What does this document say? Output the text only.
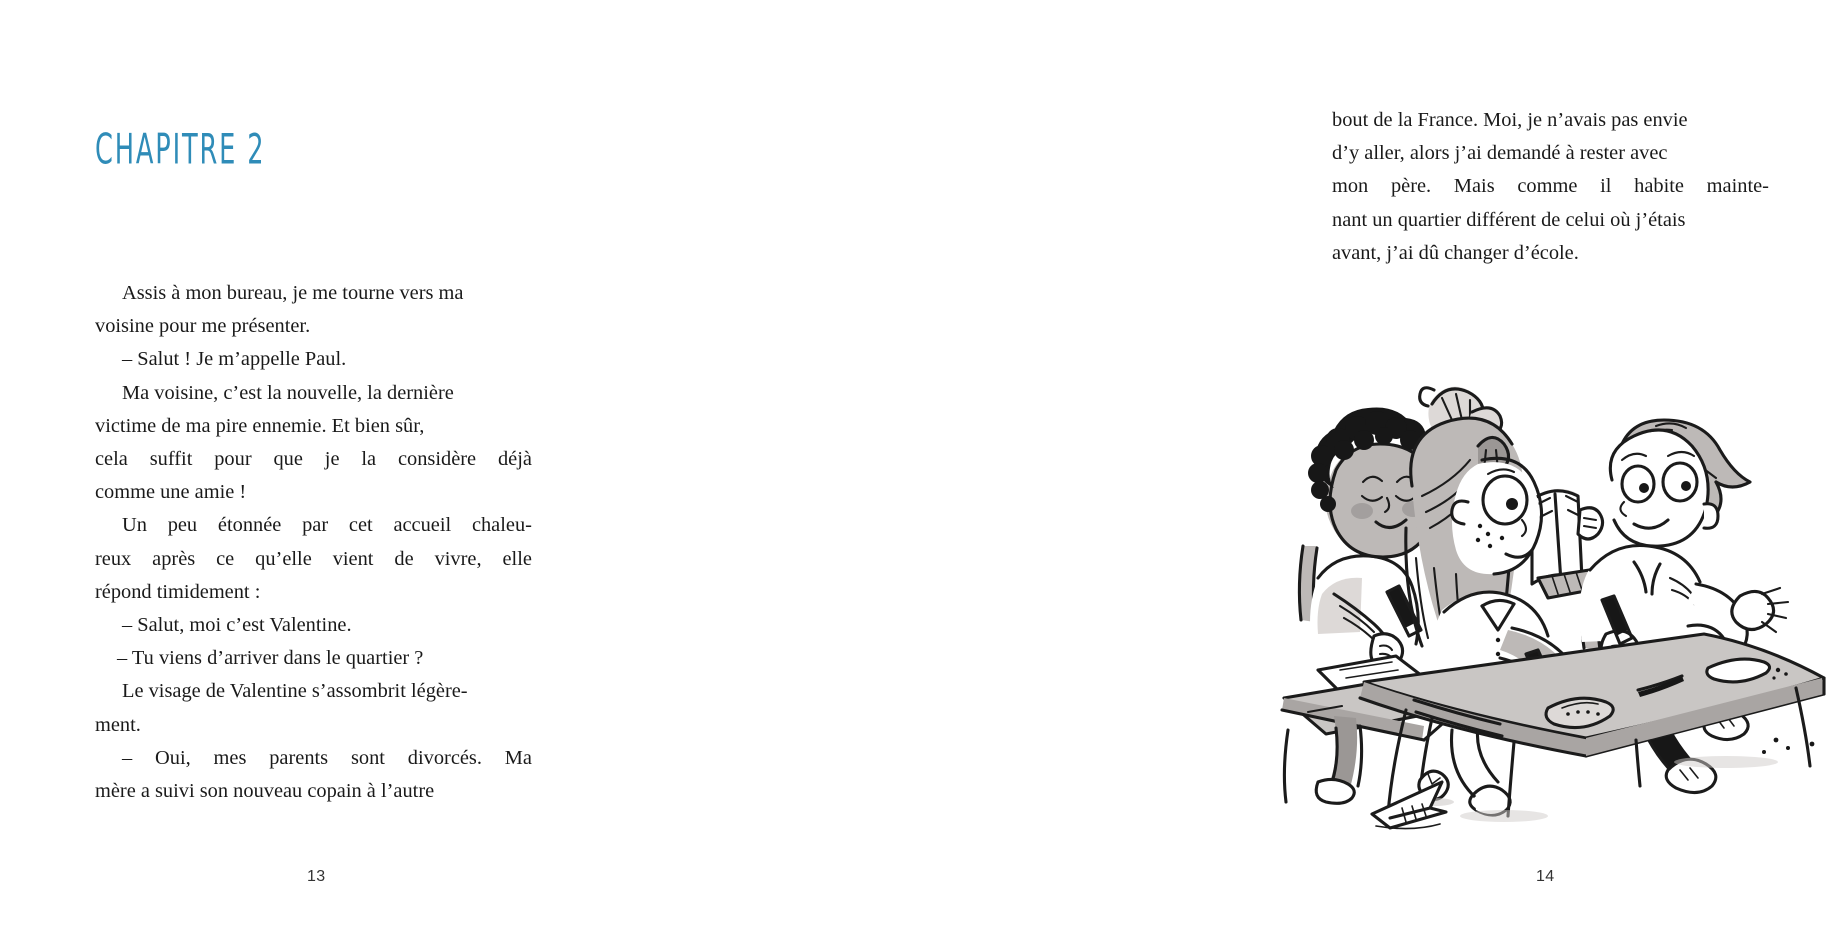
CHAPITRE 2

Assis à mon bureau, je me tourne vers ma
voisine pour me présenter.

– Salut ! Je m’appelle Paul.

Ma voisine, c’est la nouvelle, la dernière
victime de ma pire ennemie. Et bien sûr,
cela suffit pour que je la considère déjà
comme une amie !

Un peu étonnée par cet accueil chaleu-
reux après ce qu’elle vient de vivre, elle
répond timidement :

– Salut, moi c’est Valentine.

– Tu viens d’arriver dans le quartier ?

Le visage de Valentine s’assombrit légère-
ment.

– Oui, mes parents sont divorcés. Ma
mère a suivi son nouveau copain à l’autre

13

bout de la France. Moi, je n’avais pas envie
d’y aller, alors j’ai demandé à rester avec
mon père. Mais comme il habite mainte-
nant un quartier différent de celui où j’étais
avant, j’ai dû changer d’école.

14
